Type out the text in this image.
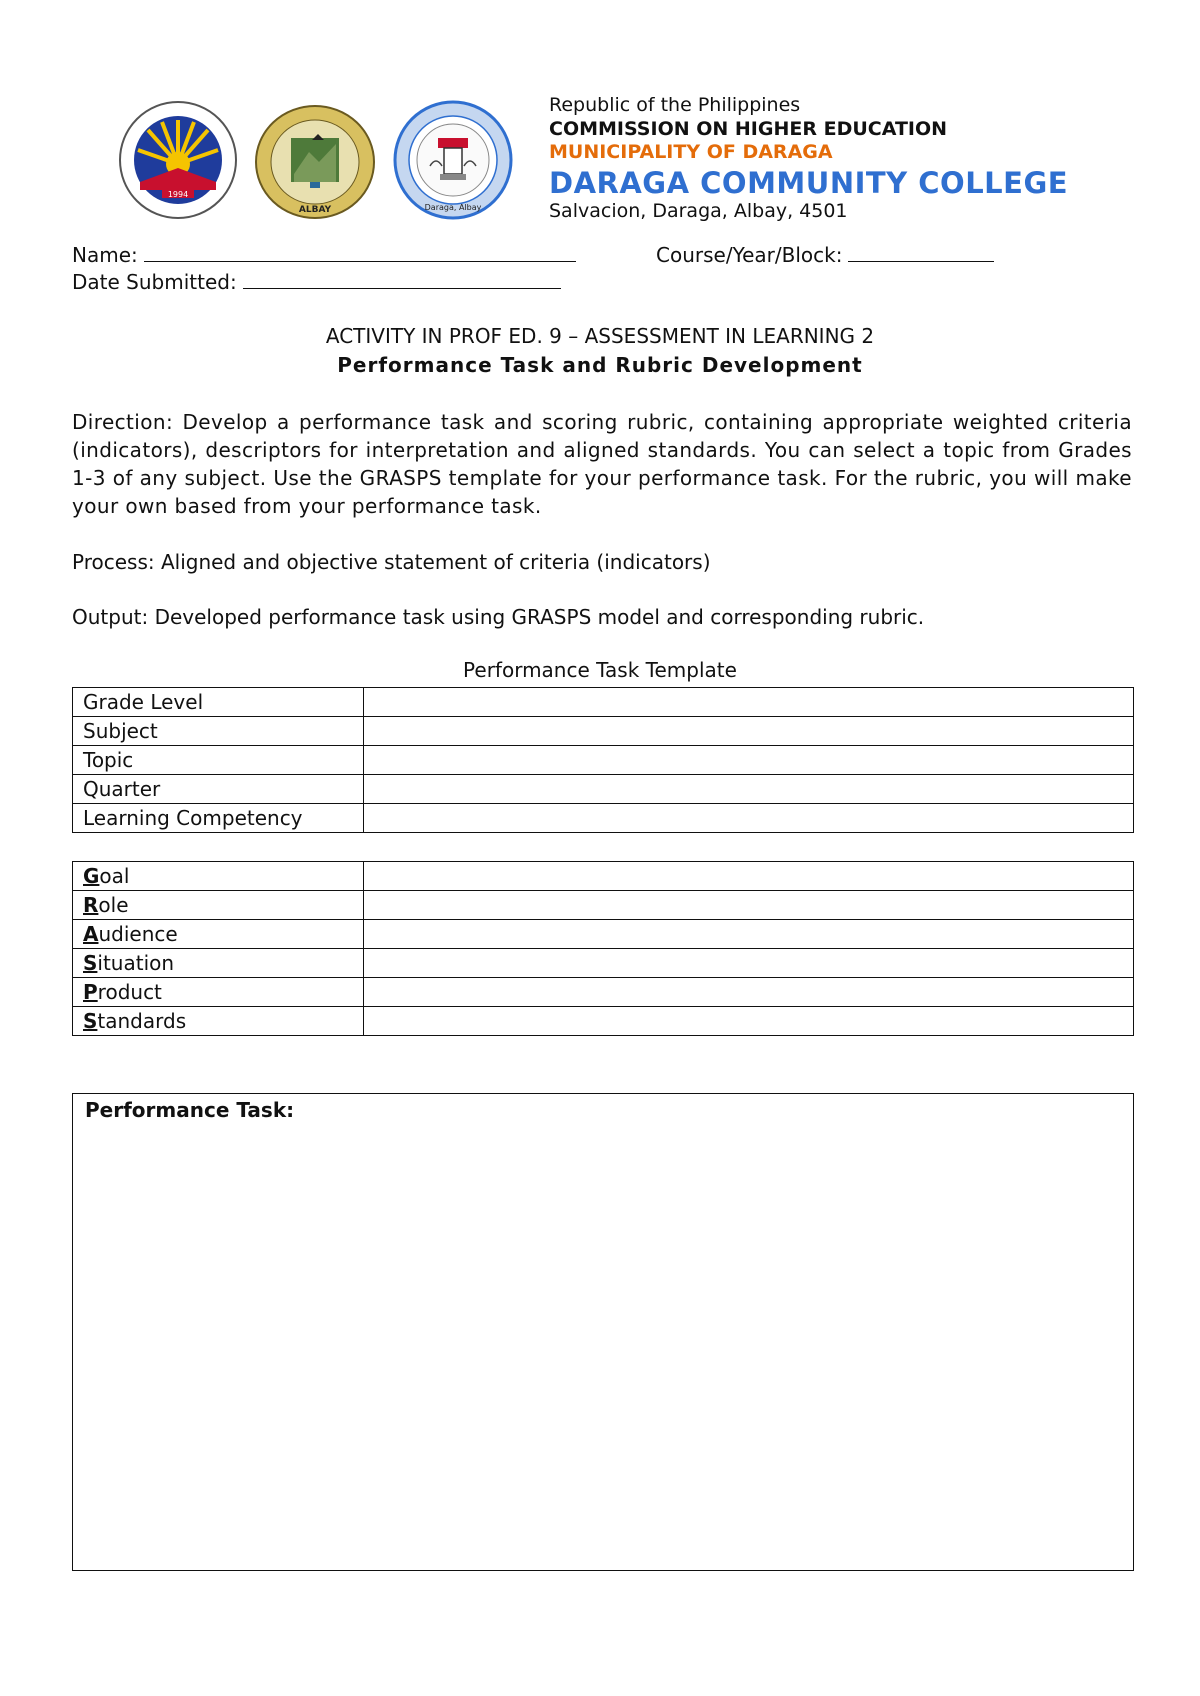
1994
ALBAY	Daraga, Albay
Republic of the Philippines
COMMISSION ON HIGHER EDUCATION
MUNICIPALITY OF DARAGA
DARAGA COMMUNITY COLLEGE
Salvacion, Daraga, Albay, 4501
Name:	Course/Year/Block:
Date Submitted:
ACTIVITY IN PROF ED. 9 – ASSESSMENT IN LEARNING 2
Performance Task and Rubric Development
Direction: Develop a performance task and scoring rubric, containing appropriate weighted criteria (indicators), descriptors for interpretation and aligned standards. You can select a topic from Grades 1-3 of any subject. Use the GRASPS template for your performance task. For the rubric, you will make your own based from your performance task.
Process: Aligned and objective statement of criteria (indicators)
Output: Developed performance task using GRASPS model and corresponding rubric.
Performance Task Template
Grade Level	
Subject	
Topic	
Quarter	
Learning Competency	
Goal	
Role	
Audience	
Situation	
Product	
Standards	
Performance Task:
